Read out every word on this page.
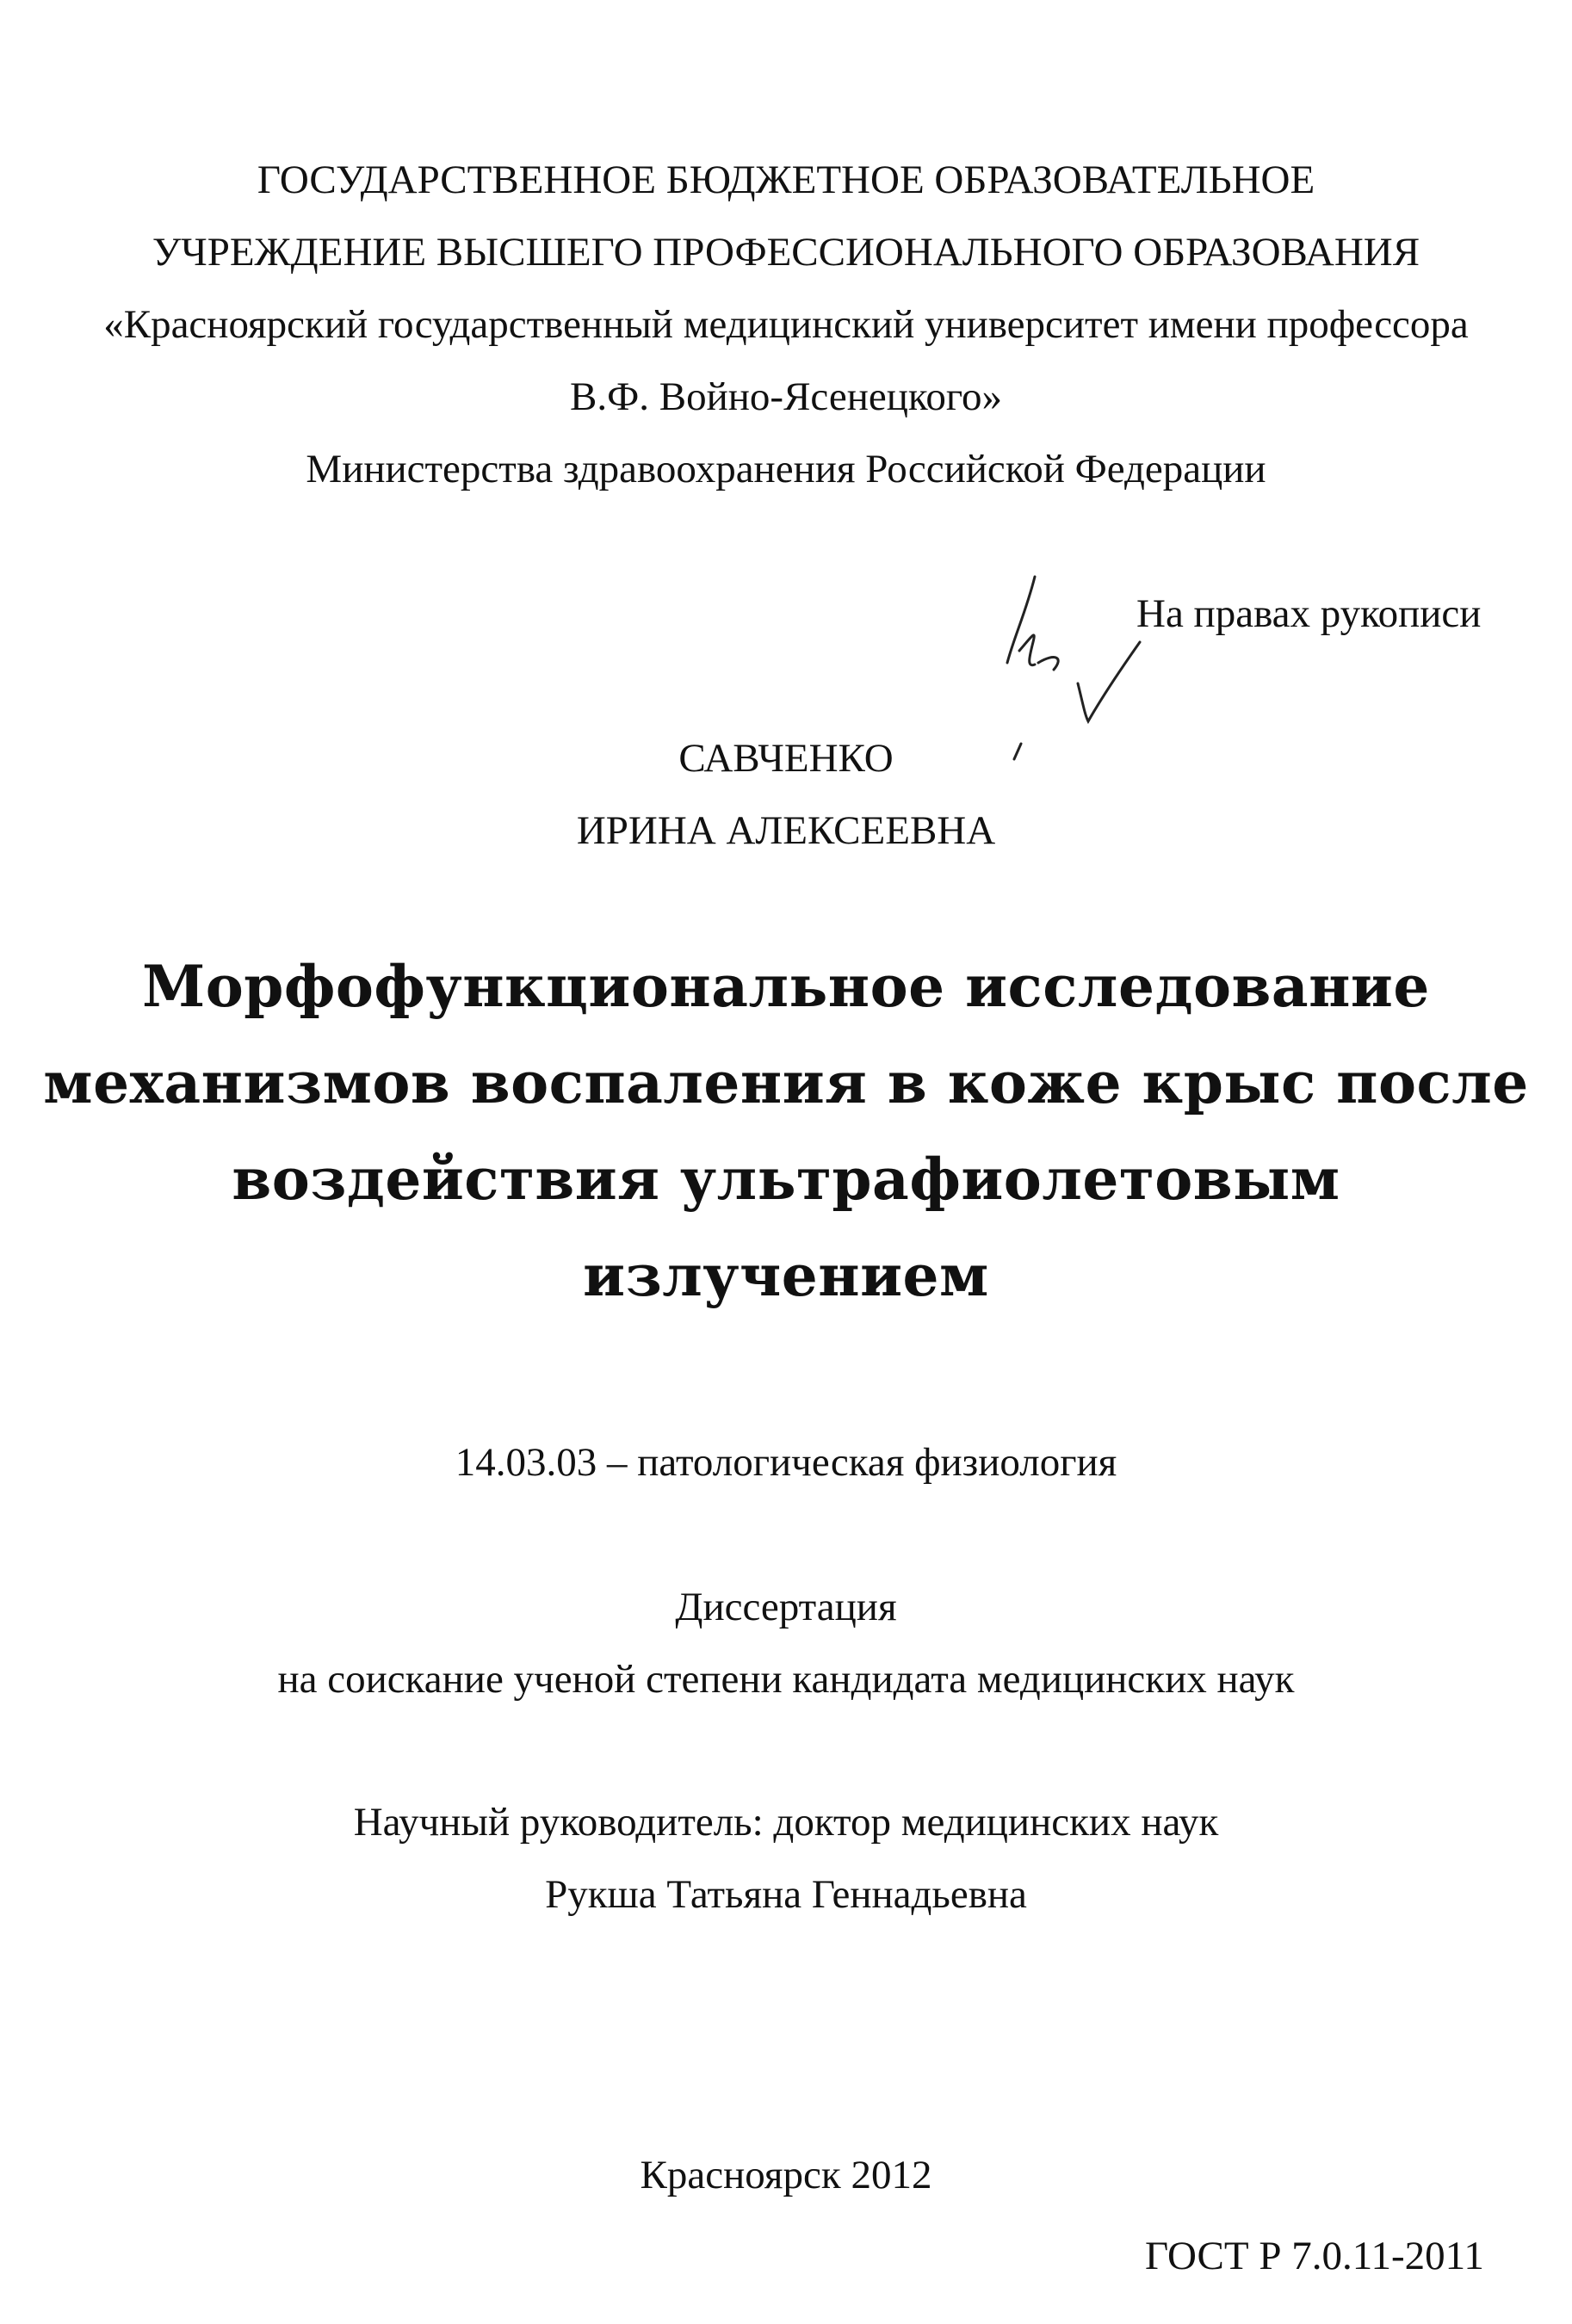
ГОСУДАРСТВЕННОЕ БЮДЖЕТНОЕ ОБРАЗОВАТЕЛЬНОЕ
УЧРЕЖДЕНИЕ ВЫСШЕГО ПРОФЕССИОНАЛЬНОГО ОБРАЗОВАНИЯ
«Красноярский государственный медицинский университет имени профессора
В.Ф. Войно-Ясенецкого»
Министерства здравоохранения Российской Федерации
На правах рукописи
САВЧЕНКО
ИРИНА АЛЕКСЕЕВНА
Морфофункциональное исследование
механизмов воспаления в коже крыс после
воздействия ультрафиолетовым
излучением
14.03.03 – патологическая физиология
Диссертация
на соискание ученой степени кандидата медицинских наук
Научный руководитель: доктор медицинских наук
Рукша Татьяна Геннадьевна
Красноярск 2012
ГОСТ Р 7.0.11-2011
